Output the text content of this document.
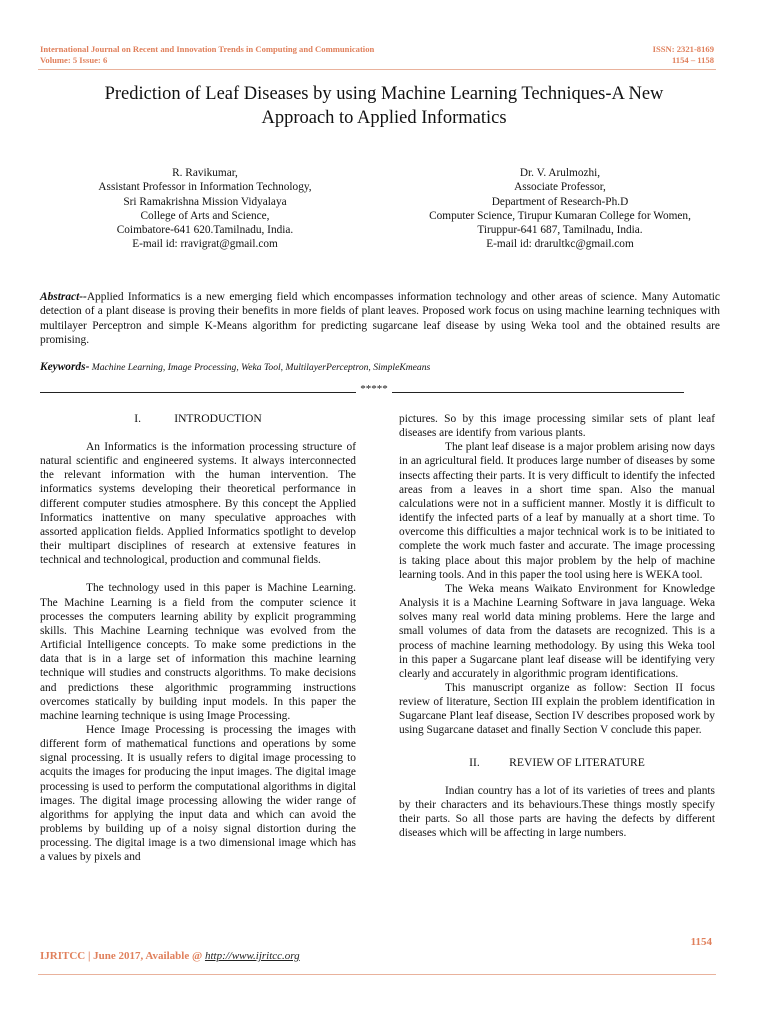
International Journal on Recent and Innovation Trends in Computing and Communication
Volume: 5 Issue: 6
ISSN: 2321-8169
1154 – 1158
Prediction of Leaf Diseases by using Machine Learning Techniques-A New
Approach to Applied Informatics
R. Ravikumar,
Assistant Professor in Information Technology,
Sri Ramakrishna Mission Vidyalaya
College of Arts and Science,
Coimbatore-641 620.Tamilnadu, India.
E-mail id: rravigrat@gmail.com
Dr. V. Arulmozhi,
Associate Professor,
Department of Research-Ph.D
Computer Science, Tirupur Kumaran College for Women,
Tiruppur-641 687, Tamilnadu, India.
E-mail id: drarultkc@gmail.com
Abstract--Applied Informatics is a new emerging field which encompasses information technology and other areas of science. Many Automatic detection of a plant disease is proving their benefits in more fields of plant leaves. Proposed work focus on using machine learning techniques with multilayer Perceptron and simple K-Means algorithm for predicting sugarcane leaf disease by using Weka tool and the obtained results are promising.
Keywords- Machine Learning, Image Processing, Weka Tool, MultilayerPerceptron, SimpleKmeans
*****
I.	INTRODUCTION

An Informatics is the information processing structure of natural scientific and engineered systems. It always interconnected the relevant information with the human intervention. The informatics systems developing their theoretical performance in different computer studies atmosphere. By this concept the Applied Informatics inattentive on many speculative approaches with assorted application fields. Applied Informatics spotlight to develop their multipart disciplines of research at extensive features in technical and technological, production and communal fields.

The technology used in this paper is Machine Learning. The Machine Learning is a field from the computer science it processes the computers learning ability by explicit programming skills. This Machine Learning technique was evolved from the Artificial Intelligence concepts. To make some predictions in the data that is in a large set of information this machine learning technique will studies and constructs algorithms. To make decisions and predictions these algorithmic programming instructions overcomes statically by building input models. In this paper the machine learning technique is using Image Processing.

Hence Image Processing is processing the images with different form of mathematical functions and operations by some signal processing. It is usually refers to digital image processing to acquits the images for producing the input images. The digital image processing is used to perform the computational algorithms in digital images. The digital image processing allowing the wider range of algorithms for applying the input data and which can avoid the problems by building up of a noisy signal distortion during the processing. The digital image is a two dimensional image which has a values by pixels and

pictures. So by this image processing similar sets of plant leaf diseases are identify from various plants.

The plant leaf disease is a major problem arising now days in an agricultural field. It produces large number of diseases by some insects affecting their parts. It is very difficult to identify the infected areas from a leaves in a short time span. Also the manual calculations were not in a sufficient manner. Mostly it is difficult to identify the infected parts of a leaf by manually at a short time. To overcome this difficulties a major technical work is to be initiated to complete the work much faster and accurate. The image processing is taking place about this major problem by the help of machine learning tools. And in this paper the tool using here is WEKA tool.

The Weka means Waikato Environment for Knowledge Analysis it is a Machine Learning Software in java language. Weka solves many real world data mining problems. Here the large and small volumes of data from the datasets are recognized. This is a process of machine learning methodology. By using this Weka tool in this paper a Sugarcane plant leaf disease will be identifying very clearly and accurately in algorithmic program identifications.

This manuscript organize as follow: Section II focus review of literature, Section III explain the problem identification in Sugarcane Plant leaf disease, Section IV describes proposed work by using Sugarcane dataset and finally Section V conclude this paper.

II.	REVIEW OF LITERATURE

Indian country has a lot of its varieties of trees and plants by their characters and its behaviours.These things mostly specify their parts. So all those parts are having the defects by different diseases which will be affecting in large numbers.

1154
IJRITCC | June 2017, Available @ http://www.ijritcc.org
